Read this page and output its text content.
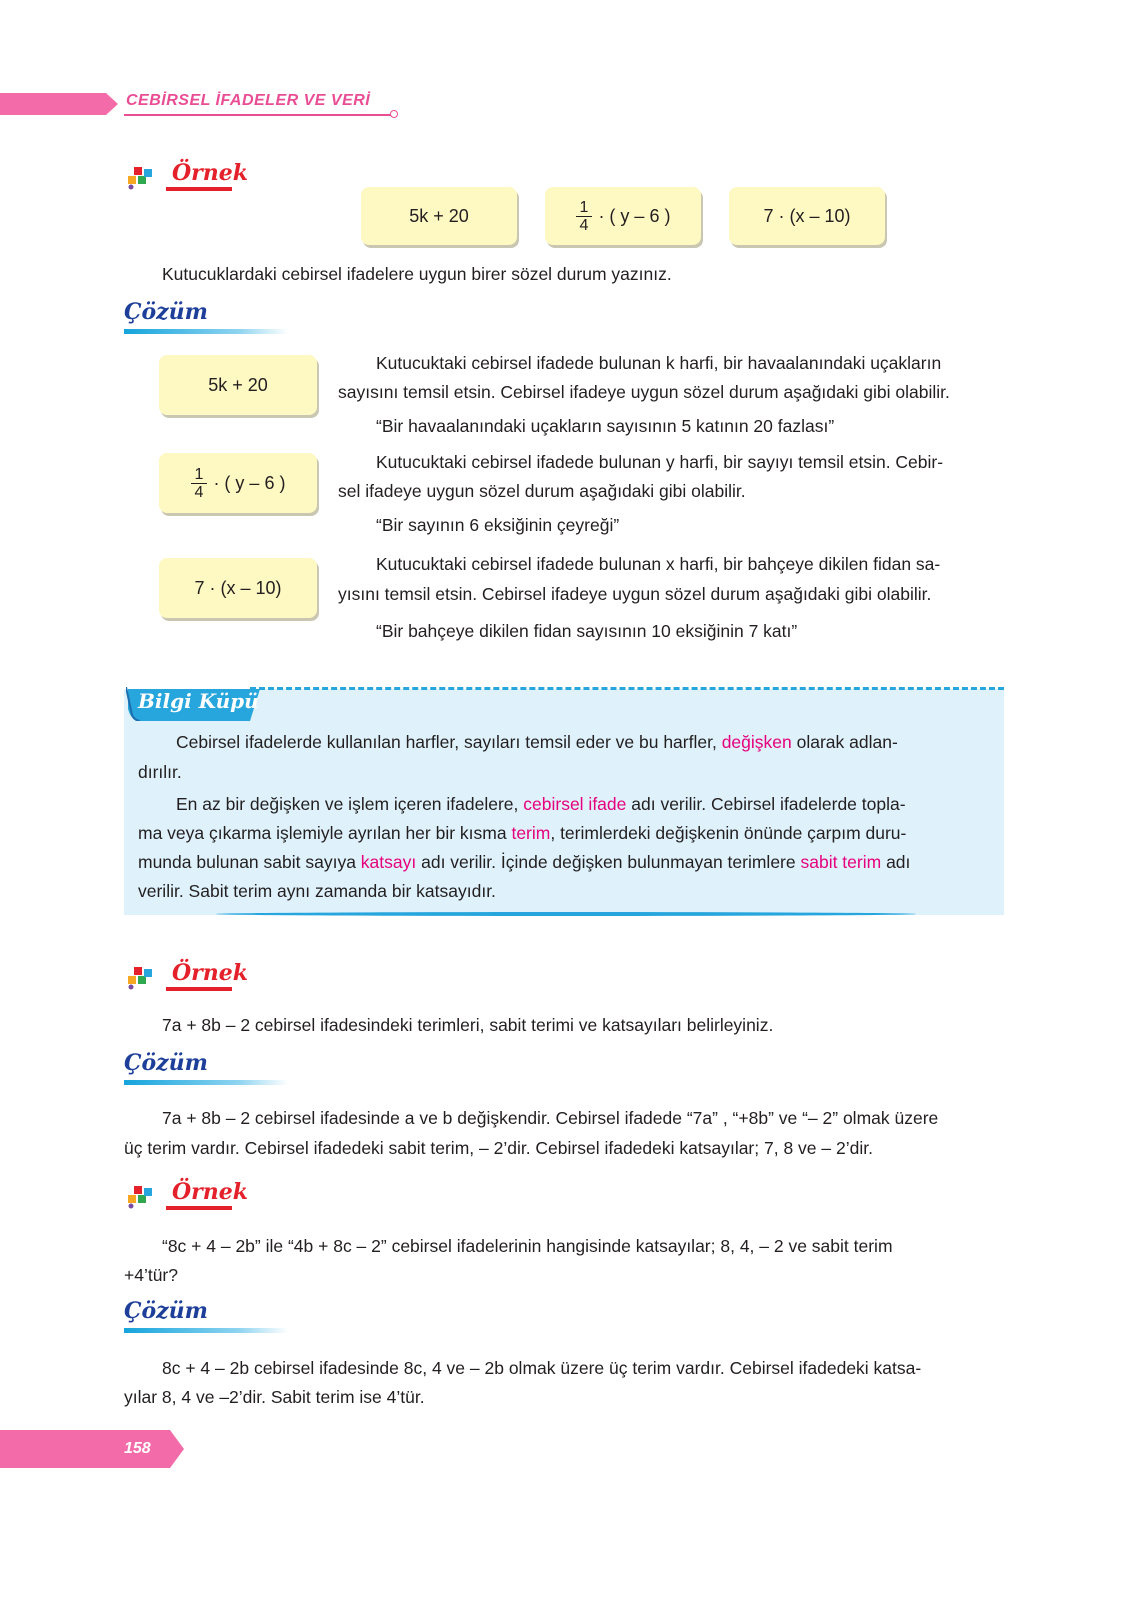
CEBİRSEL İFADELER VE VERİ
Örnek
5k + 20	$\frac{1}{4}$ · ( y – 6 )	7 · (x – 10)
Kutucuklardaki cebirsel ifadelere uygun birer sözel durum yazınız.
Çözüm
5k + 20
Kutucuktaki cebirsel ifadede bulunan k harfi, bir havaalanındaki uçakların
sayısını temsil etsin. Cebirsel ifadeye uygun sözel durum aşağıdaki gibi olabilir.
“Bir havaalanındaki uçakların sayısının 5 katının 20 fazlası”
$\frac{1}{4}$ · ( y – 6 )
Kutucuktaki cebirsel ifadede bulunan y harfi, bir sayıyı temsil etsin. Cebir-
sel ifadeye uygun sözel durum aşağıdaki gibi olabilir.
“Bir sayının 6 eksiğinin çeyreği”
7 · (x – 10)
Kutucuktaki cebirsel ifadede bulunan x harfi, bir bahçeye dikilen fidan sa-
yısını temsil etsin. Cebirsel ifadeye uygun sözel durum aşağıdaki gibi olabilir.
“Bir bahçeye dikilen fidan sayısının 10 eksiğinin 7 katı”
Bilgi Küpü
Cebirsel ifadelerde kullanılan harfler, sayıları temsil eder ve bu harfler, değişken olarak adlan-
dırılır.
En az bir değişken ve işlem içeren ifadelere, cebirsel ifade adı verilir. Cebirsel ifadelerde topla-
ma veya çıkarma işlemiyle ayrılan her bir kısma terim, terimlerdeki değişkenin önünde çarpım duru-
munda bulunan sabit sayıya katsayı adı verilir. İçinde değişken bulunmayan terimlere sabit terim adı
verilir. Sabit terim aynı zamanda bir katsayıdır.
Örnek
7a + 8b – 2 cebirsel ifadesindeki terimleri, sabit terimi ve katsayıları belirleyiniz.
Çözüm
7a + 8b – 2 cebirsel ifadesinde a ve b değişkendir. Cebirsel ifadede “7a” , “+8b” ve “– 2” olmak üzere
üç terim vardır. Cebirsel ifadedeki sabit terim, – 2’dir. Cebirsel ifadedeki katsayılar; 7, 8 ve – 2’dir.
Örnek
“8c + 4 – 2b” ile “4b + 8c – 2” cebirsel ifadelerinin hangisinde katsayılar; 8, 4, – 2 ve sabit terim
+4’tür?
Çözüm
8c + 4 – 2b cebirsel ifadesinde 8c, 4 ve – 2b olmak üzere üç terim vardır. Cebirsel ifadedeki katsa-
yılar 8, 4 ve –2’dir. Sabit terim ise 4’tür.
158
